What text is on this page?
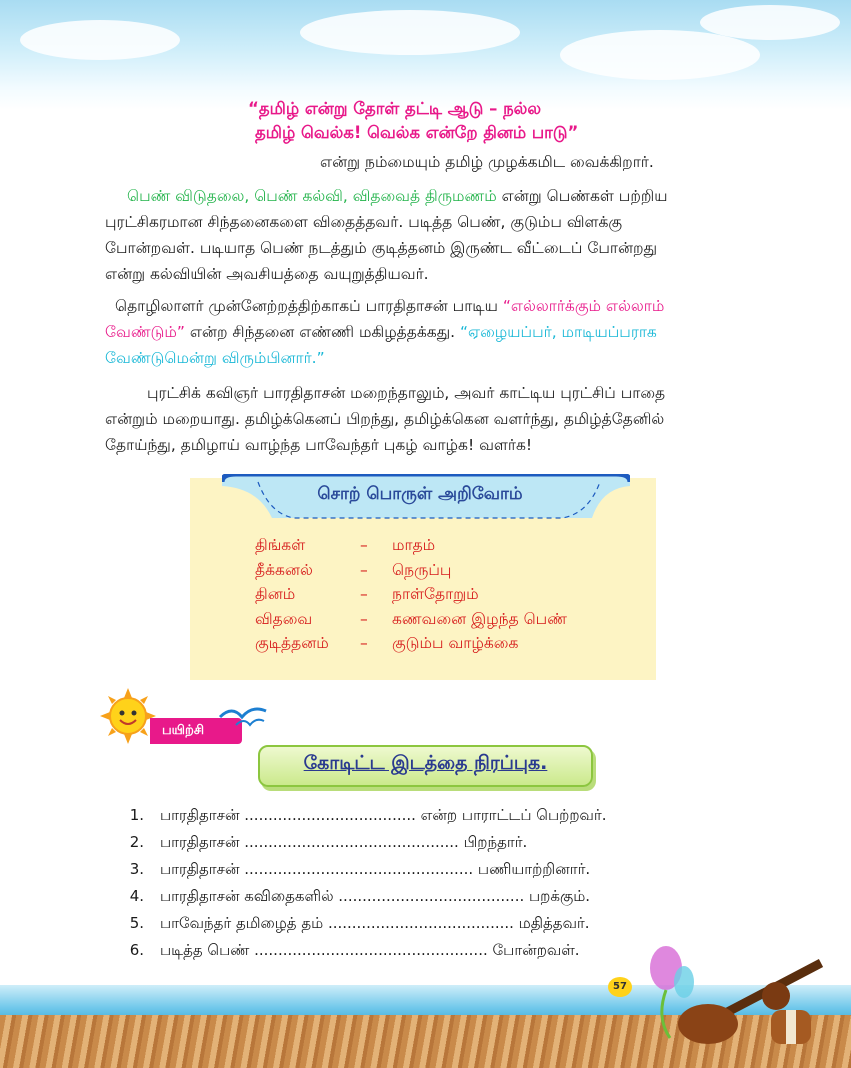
“தமிழ் என்று தோள் தட்டி ஆடு – நல்ல
தமிழ் வெல்க! வெல்க என்றே தினம் பாடு”
என்று நம்மையும் தமிழ் முழக்கமிட வைக்கிறார்.
பெண் விடுதலை, பெண் கல்வி, விதவைத் திருமணம் என்று பெண்கள் பற்றிய
புரட்சிகரமான சிந்தனைகளை விதைத்தவர். படித்த பெண், குடும்ப விளக்கு
போன்றவள். படியாத பெண் நடத்தும் குடித்தனம் இருண்ட வீட்டைப் போன்றது
என்று கல்வியின் அவசியத்தை வயுறுத்தியவர்.
தொழிலாளர் முன்னேற்றத்திற்காகப் பாரதிதாசன் பாடிய “எல்லார்க்கும் எல்லாம்
வேண்டும்” என்ற சிந்தனை எண்ணி மகிழத்தக்கது. “ஏழையப்பர், மாடியப்பராக
வேண்டுமென்று விரும்பினார்.”
புரட்சிக் கவிஞர் பாரதிதாசன் மறைந்தாலும், அவர் காட்டிய புரட்சிப் பாதை
என்றும் மறையாது. தமிழ்க்கெனப் பிறந்து, தமிழ்க்கென வளர்ந்து, தமிழ்த்தேனில்
தோய்ந்து, தமிழாய் வாழ்ந்த பாவேந்தர் புகழ் வாழ்க! வளர்க!
சொற் பொருள் அறிவோம்
திங்கள்	– மாதம்
தீக்கனல்	– நெருப்பு
தினம்	– நாள்தோறும்
விதவை	– கணவனை இழந்த பெண்
குடித்தனம்	– குடும்ப வாழ்க்கை
பயிற்சி
கோடிட்ட இடத்தை நிரப்புக.
1. பாரதிதாசன் .................................... என்ற பாராட்டப் பெற்றவர்.
2. பாரதிதாசன் ............................................. பிறந்தார்.
3. பாரதிதாசன் ................................................ பணியாற்றினார்.
4. பாரதிதாசன் கவிதைகளில் ....................................... பறக்கும்.
5. பாவேந்தர் தமிழைத் தம் ....................................... மதித்தவர்.
6. படித்த பெண் ................................................. போன்றவள்.
57
